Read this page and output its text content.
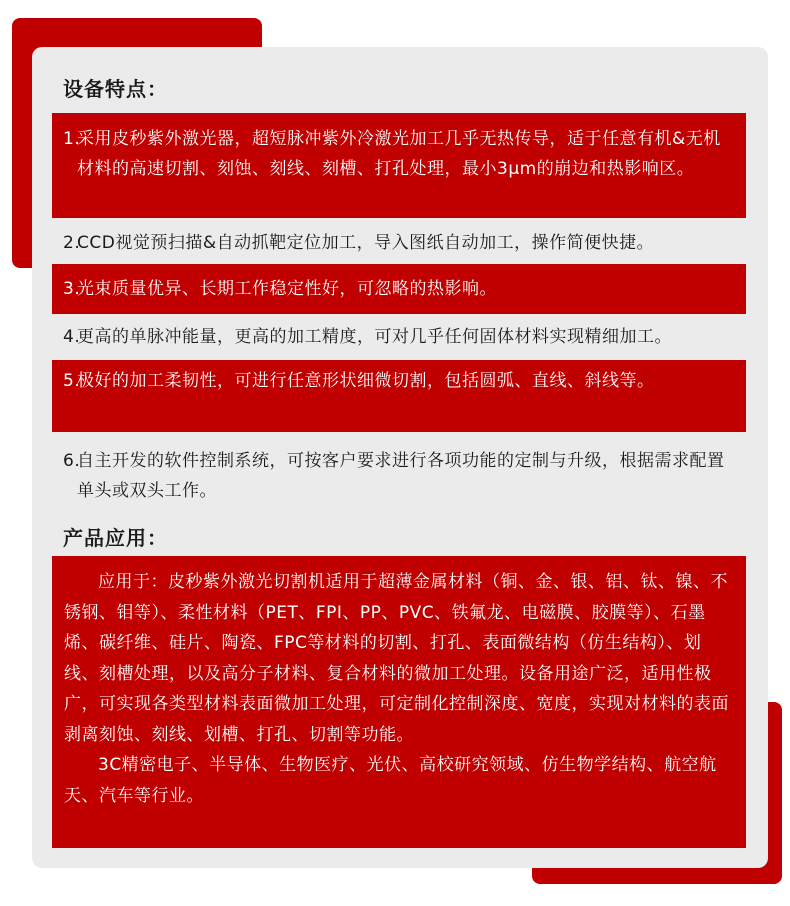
设备特点：
1.
采用皮秒紫外激光器，超短脉冲紫外冷激光加工几乎无热传导，适于任意有机&无机材料的高速切割、刻蚀、刻线、刻槽、打孔处理，最小3μm的崩边和热影响区。
2.
CCD视觉预扫描&自动抓靶定位加工，导入图纸自动加工，操作简便快捷。
3.
光束质量优异、长期工作稳定性好，可忽略的热影响。
4.
更高的单脉冲能量，更高的加工精度，可对几乎任何固体材料实现精细加工。
5.
极好的加工柔韧性，可进行任意形状细微切割，包括圆弧、直线、斜线等。
6.
自主开发的软件控制系统，可按客户要求进行各项功能的定制与升级，根据需求配置单头或双头工作。
产品应用：

应用于：皮秒紫外激光切割机适用于超薄金属材料（铜、金、银、铝、钛、镍、不锈钢、钼等）、柔性材料（PET、FPI、PP、PVC、铁氟龙、电磁膜、胶膜等）、石墨烯、碳纤维、硅片、陶瓷、FPC等材料的切割、打孔、表面微结构（仿生结构）、划线、刻槽处理，以及高分子材料、复合材料的微加工处理。设备用途广泛，适用性极广，可实现各类型材料表面微加工处理，可定制化控制深度、宽度，实现对材料的表面剥离刻蚀、刻线、划槽、打孔、切割等功能。

3C精密电子、半导体、生物医疗、光伏、高校研究领域、仿生物学结构、航空航天、汽车等行业。
